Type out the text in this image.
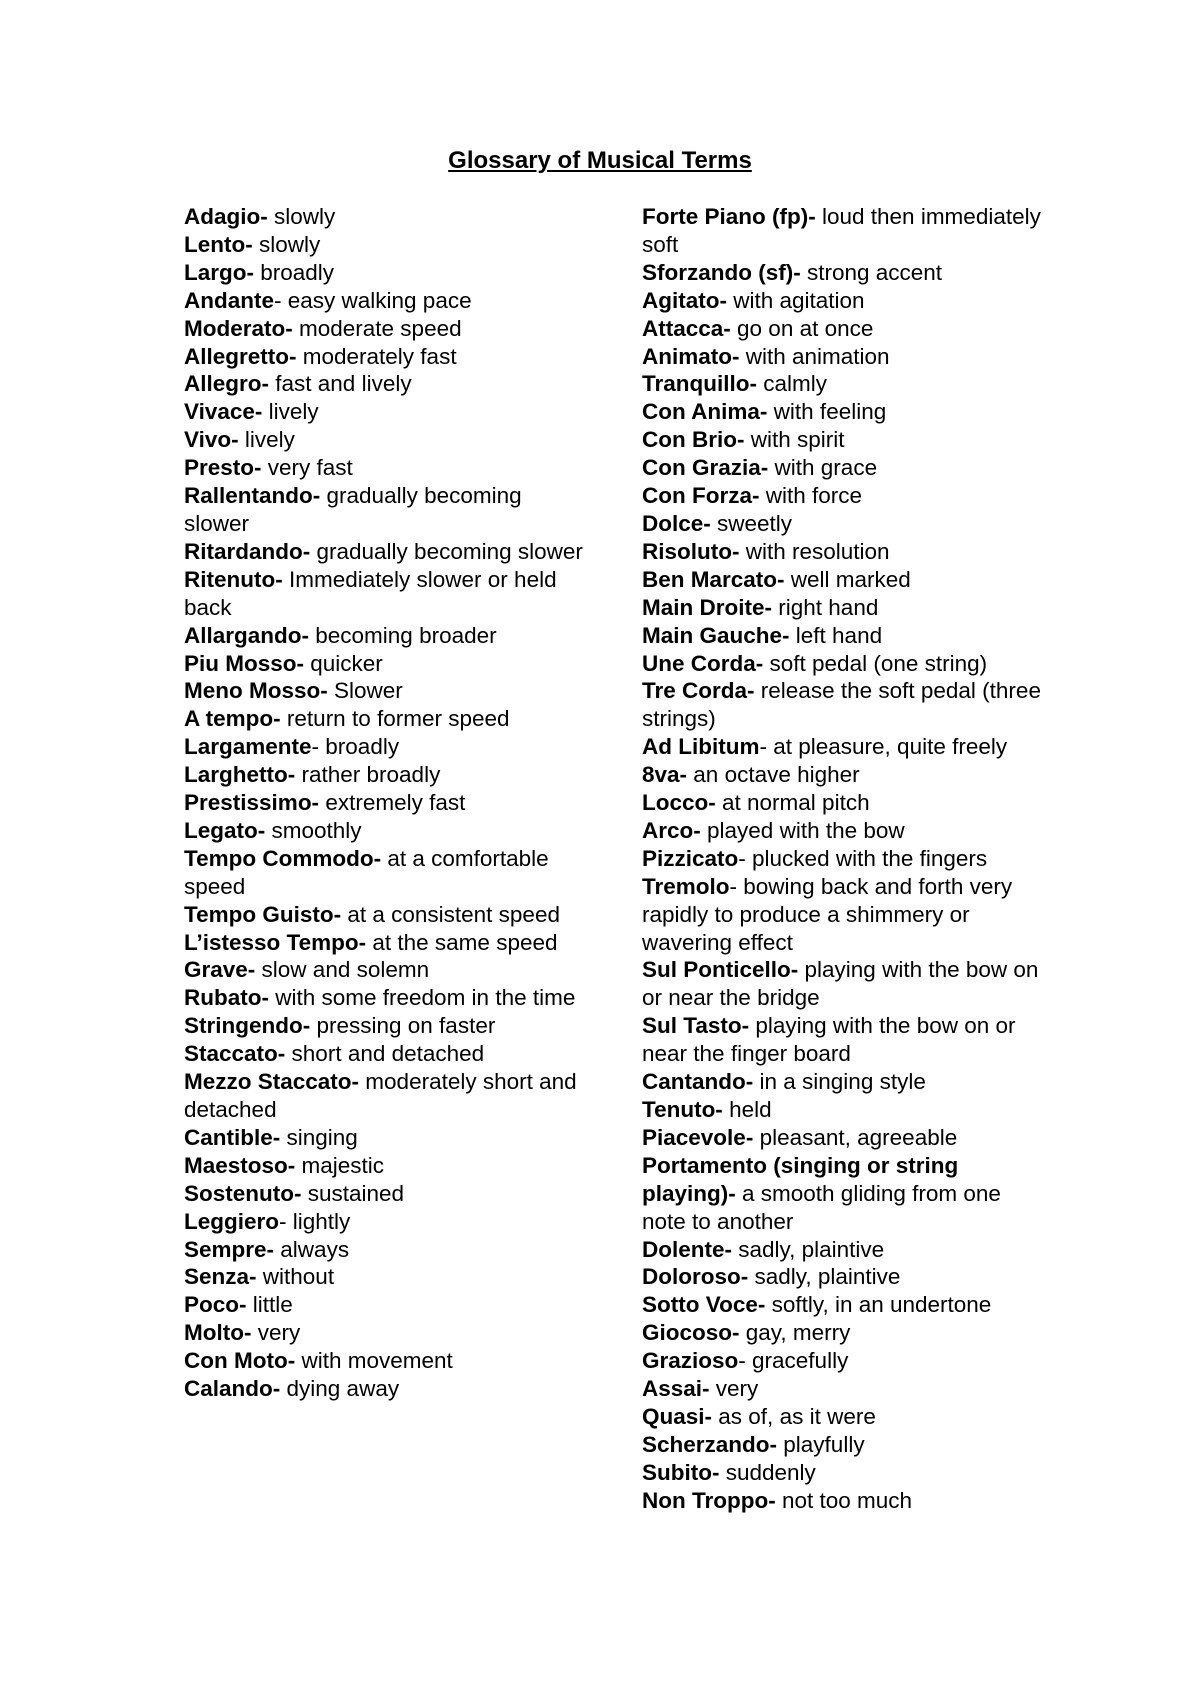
Glossary of Musical Terms
Adagio- slowly
Lento- slowly
Largo- broadly
Andante- easy walking pace
Moderato- moderate speed
Allegretto- moderately fast
Allegro- fast and lively
Vivace- lively
Vivo- lively
Presto- very fast
Rallentando- gradually becoming slower
Ritardando- gradually becoming slower
Ritenuto- Immediately slower or held back
Allargando- becoming broader
Piu Mosso- quicker
Meno Mosso- Slower
A tempo- return to former speed
Largamente- broadly
Larghetto- rather broadly
Prestissimo- extremely fast
Legato- smoothly
Tempo Commodo- at a comfortable speed
Tempo Guisto- at a consistent speed
L’istesso Tempo- at the same speed
Grave- slow and solemn
Rubato- with some freedom in the time
Stringendo- pressing on faster
Staccato- short and detached
Mezzo Staccato- moderately short and detached
Cantible- singing
Maestoso- majestic
Sostenuto- sustained
Leggiero- lightly
Sempre- always
Senza- without
Poco- little
Molto- very
Con Moto- with movement
Calando- dying away
Forte Piano (fp)- loud then immediately soft
Sforzando (sf)- strong accent
Agitato- with agitation
Attacca- go on at once
Animato- with animation
Tranquillo- calmly
Con Anima- with feeling
Con Brio- with spirit
Con Grazia- with grace
Con Forza- with force
Dolce- sweetly
Risoluto- with resolution
Ben Marcato- well marked
Main Droite- right hand
Main Gauche- left hand
Une Corda- soft pedal (one string)
Tre Corda- release the soft pedal (three strings)
Ad Libitum- at pleasure, quite freely
8va- an octave higher
Locco- at normal pitch
Arco- played with the bow
Pizzicato- plucked with the fingers
Tremolo- bowing back and forth very rapidly to produce a shimmery or wavering effect
Sul Ponticello- playing with the bow on or near the bridge
Sul Tasto- playing with the bow on or near the finger board
Cantando- in a singing style
Tenuto- held
Piacevole- pleasant, agreeable
Portamento (singing or string playing)- a smooth gliding from one note to another
Dolente- sadly, plaintive
Doloroso- sadly, plaintive
Sotto Voce- softly, in an undertone
Giocoso- gay, merry
Grazioso- gracefully
Assai- very
Quasi- as of, as it were
Scherzando- playfully
Subito- suddenly
Non Troppo- not too much
